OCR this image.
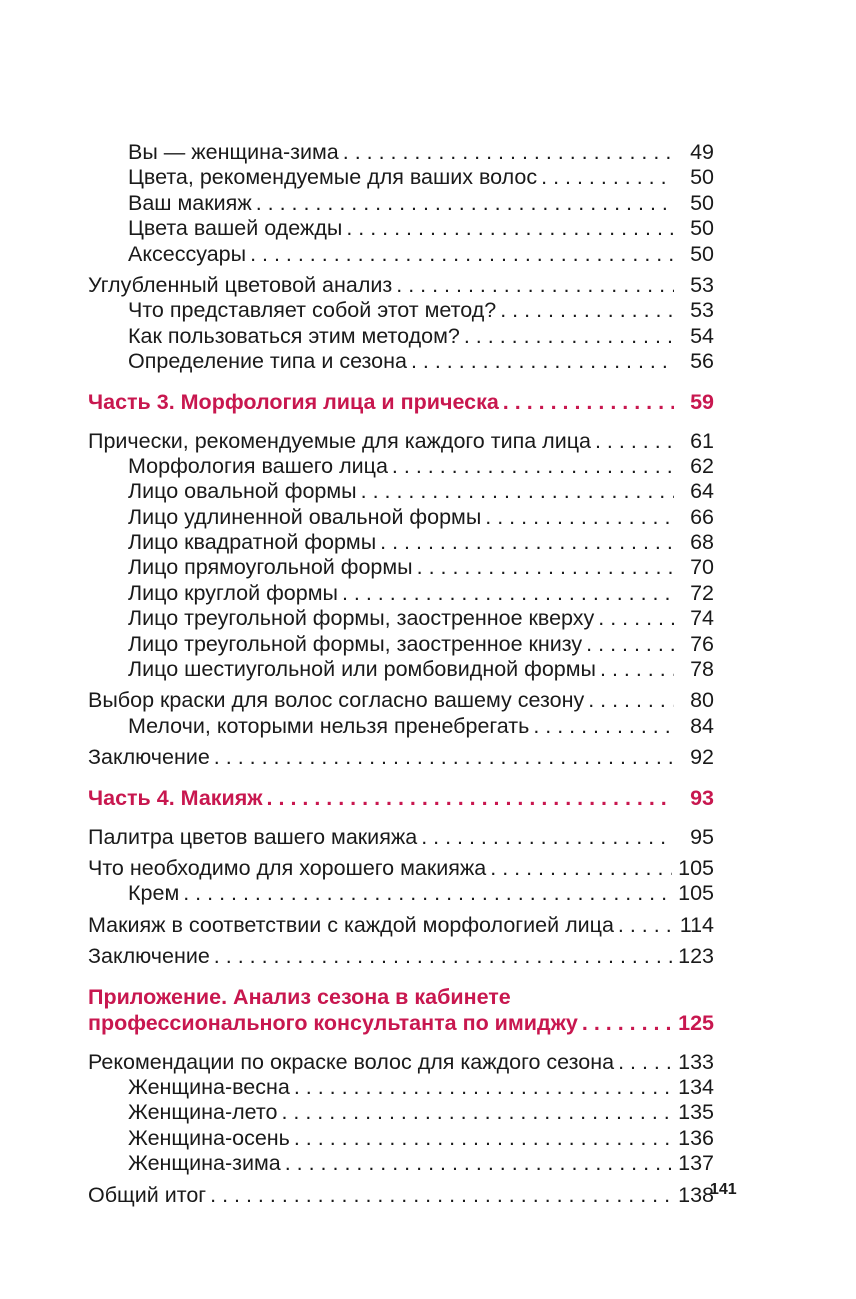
Вы — женщина-зима . . .	49
Цвета, рекомендуемые для ваших волос . . .	50
Ваш макияж . . .	50
Цвета вашей одежды . . .	50
Аксессуары . . .	50
Углубленный цветовой анализ . . .	53
Что представляет собой этот метод? . . .	53
Как пользоваться этим методом? . . .	54
Определение типа и сезона . . .	56
Часть 3. Морфология лица и прическа . . .	59
Прически, рекомендуемые для каждого типа лица . . .	61
Морфология вашего лица . . .	62
Лицо овальной формы . . .	64
Лицо удлиненной овальной формы . . .	66
Лицо квадратной формы . . .	68
Лицо прямоугольной формы . . .	70
Лицо круглой формы . . .	72
Лицо треугольной формы, заостренное кверху . . .	74
Лицо треугольной формы, заостренное книзу . . .	76
Лицо шестиугольной или ромбовидной формы . . .	78
Выбор краски для волос согласно вашему сезону . . .	80
Мелочи, которыми нельзя пренебрегать . . .	84
Заключение . . .	92
Часть 4. Макияж . . .	93
Палитра цветов вашего макияжа . . .	95
Что необходимо для хорошего макияжа . . .	105
Крем . . .	105
Макияж в соответствии с каждой морфологией лица . . .	114
Заключение . . .	123
Приложение. Анализ сезона в кабинете
профессионального консультанта по имиджу . . .	125
Рекомендации по окраске волос для каждого сезона . . .	133
Женщина-весна . . .	134
Женщина-лето . . .	135
Женщина-осень . . .	136
Женщина-зима . . .	137
Общий итог . . .	138
141
